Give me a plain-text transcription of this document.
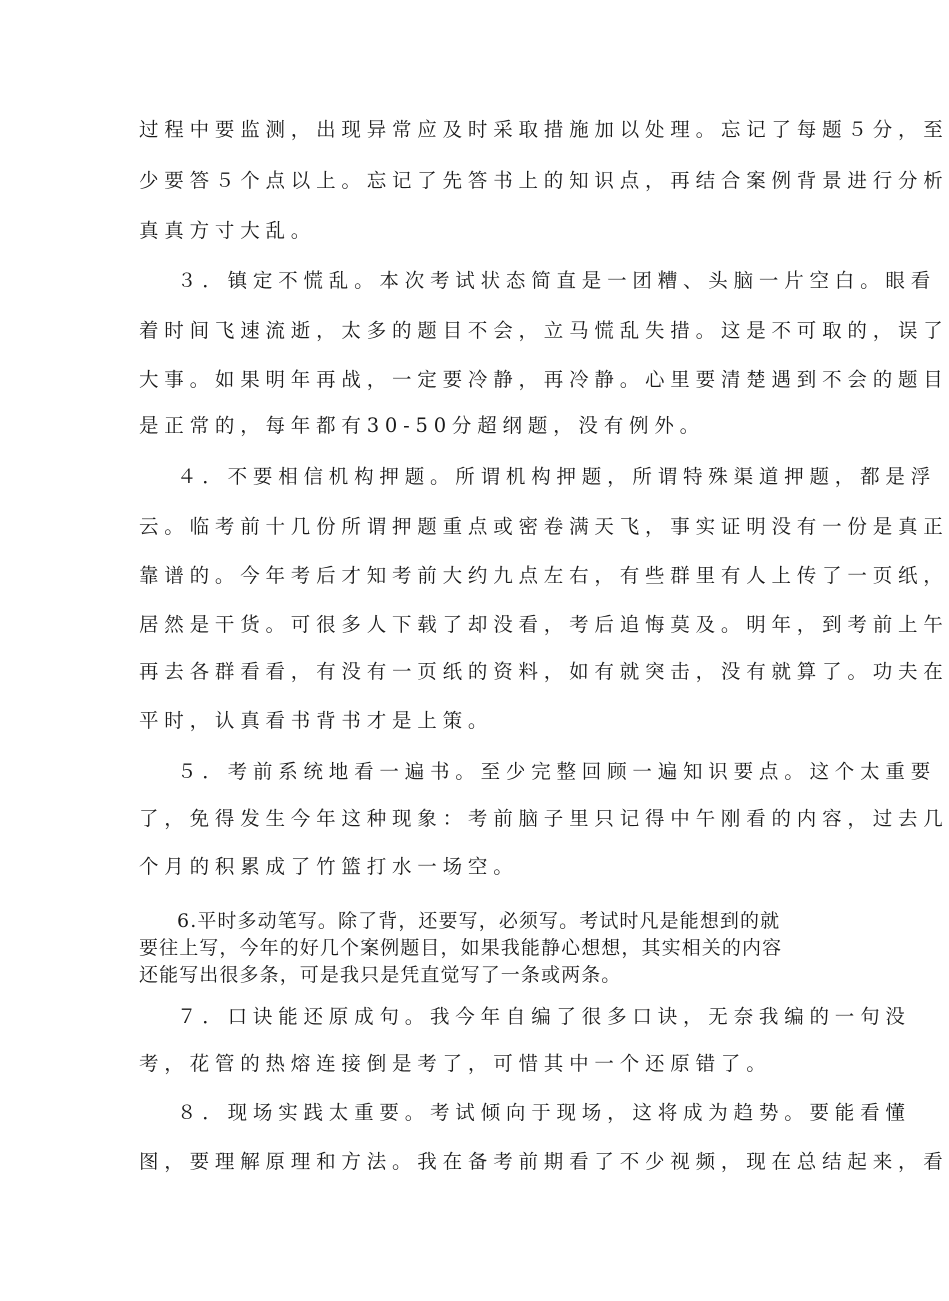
过程中要监测，出现异常应及时采取措施加以处理。忘记了每题５分，至
少要答５个点以上。忘记了先答书上的知识点，再结合案例背景进行分析
真真方寸大乱。
３．镇定不慌乱。本次考试状态简直是一团糟、头脑一片空白。眼看
着时间飞速流逝，太多的题目不会，立马慌乱失措。这是不可取的，误了
大事。如果明年再战，一定要冷静，再冷静。心里要清楚遇到不会的题目
是正常的，每年都有30-50分超纲题，没有例外。
４．不要相信机构押题。所谓机构押题，所谓特殊渠道押题，都是浮
云。临考前十几份所谓押题重点或密卷满天飞，事实证明没有一份是真正
靠谱的。今年考后才知考前大约九点左右，有些群里有人上传了一页纸，
居然是干货。可很多人下载了却没看，考后追悔莫及。明年，到考前上午
再去各群看看，有没有一页纸的资料，如有就突击，没有就算了。功夫在
平时，认真看书背书才是上策。
５．考前系统地看一遍书。至少完整回顾一遍知识要点。这个太重要
了，免得发生今年这种现象：考前脑子里只记得中午刚看的内容，过去几
个月的积累成了竹篮打水一场空。
6.平时多动笔写。除了背，还要写，必须写。考试时凡是能想到的就
要往上写，今年的好几个案例题目，如果我能静心想想，其实相关的内容
还能写出很多条，可是我只是凭直觉写了一条或两条。
７．口诀能还原成句。我今年自编了很多口诀，无奈我编的一句没
考，花管的热熔连接倒是考了，可惜其中一个还原错了。
８．现场实践太重要。考试倾向于现场，这将成为趋势。要能看懂
图，要理解原理和方法。我在备考前期看了不少视频，现在总结起来，看
